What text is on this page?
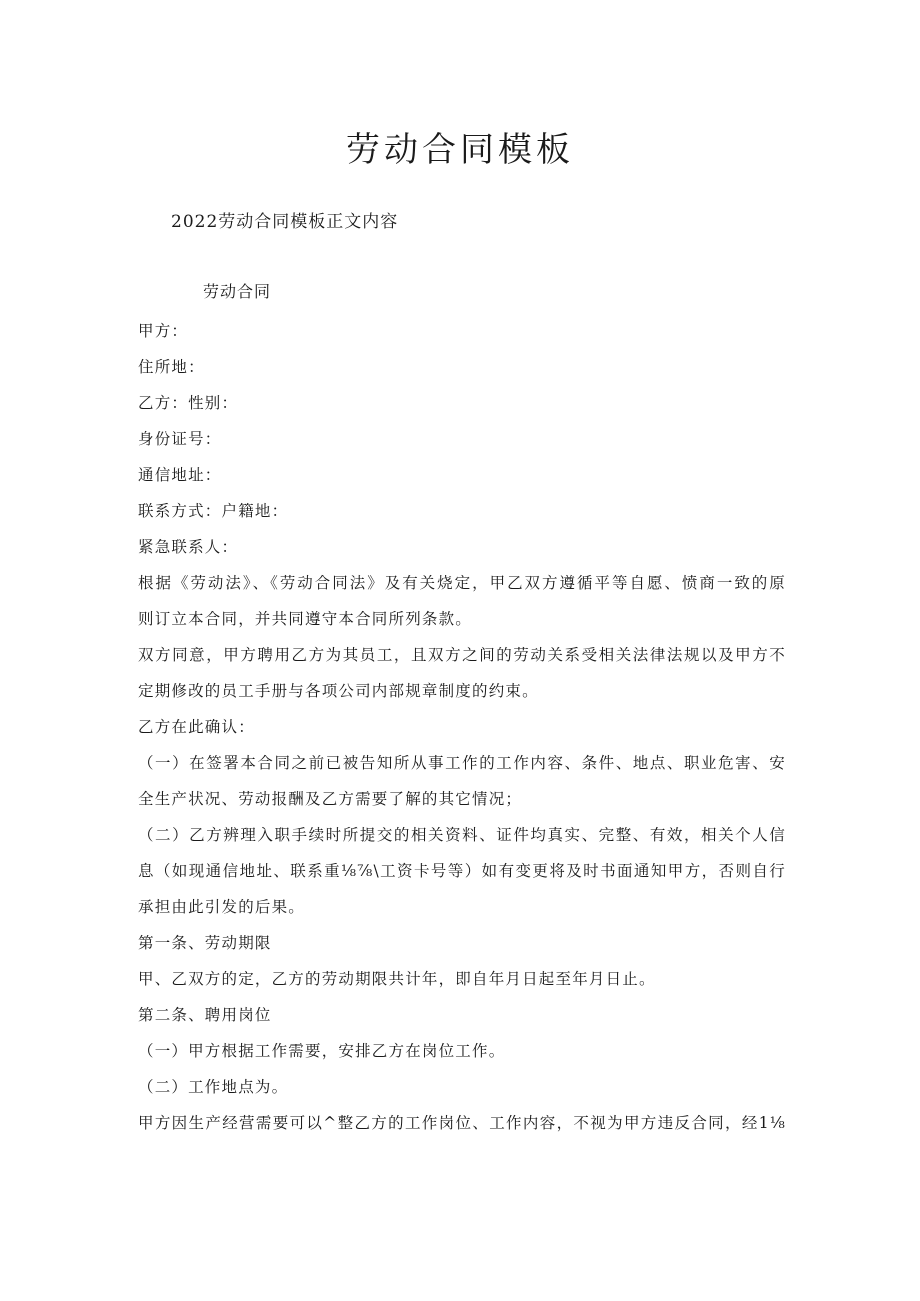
劳动合同模板
2022劳动合同模板正文内容
劳动合同
甲方：
住所地：
乙方：性别：
身份证号：
通信地址：
联系方式：户籍地：
紧急联系人：
根据《劳动法》、《劳动合同法》及有关烧定，甲乙双方遵循平等自愿、愤商一致的原
则订立本合同，并共同遵守本合同所列条款。
双方同意，甲方聘用乙方为其员工，且双方之间的劳动关系受相关法律法规以及甲方不
定期修改的员工手册与各项公司内部规章制度的约束。
乙方在此确认：
（一）在签署本合同之前已被告知所从事工作的工作内容、条件、地点、职业危害、安
全生产状况、劳动报酬及乙方需要了解的其它情况；
（二）乙方辨理入职手续时所提交的相关资料、证件均真实、完整、有效，相关个人信
息（如现通信地址、联系重⅛⅞\工资卡号等）如有变更将及时书面通知甲方，否则自行
承担由此引发的后果。
第一条、劳动期限
甲、乙双方的定，乙方的劳动期限共计年，即自年月日起至年月日止。
第二条、聘用岗位
（一）甲方根据工作需要，安排乙方在岗位工作。
（二）工作地点为。
甲方因生产经营需要可以^整乙方的工作岗位、工作内容，不视为甲方违反合同，经1⅛
